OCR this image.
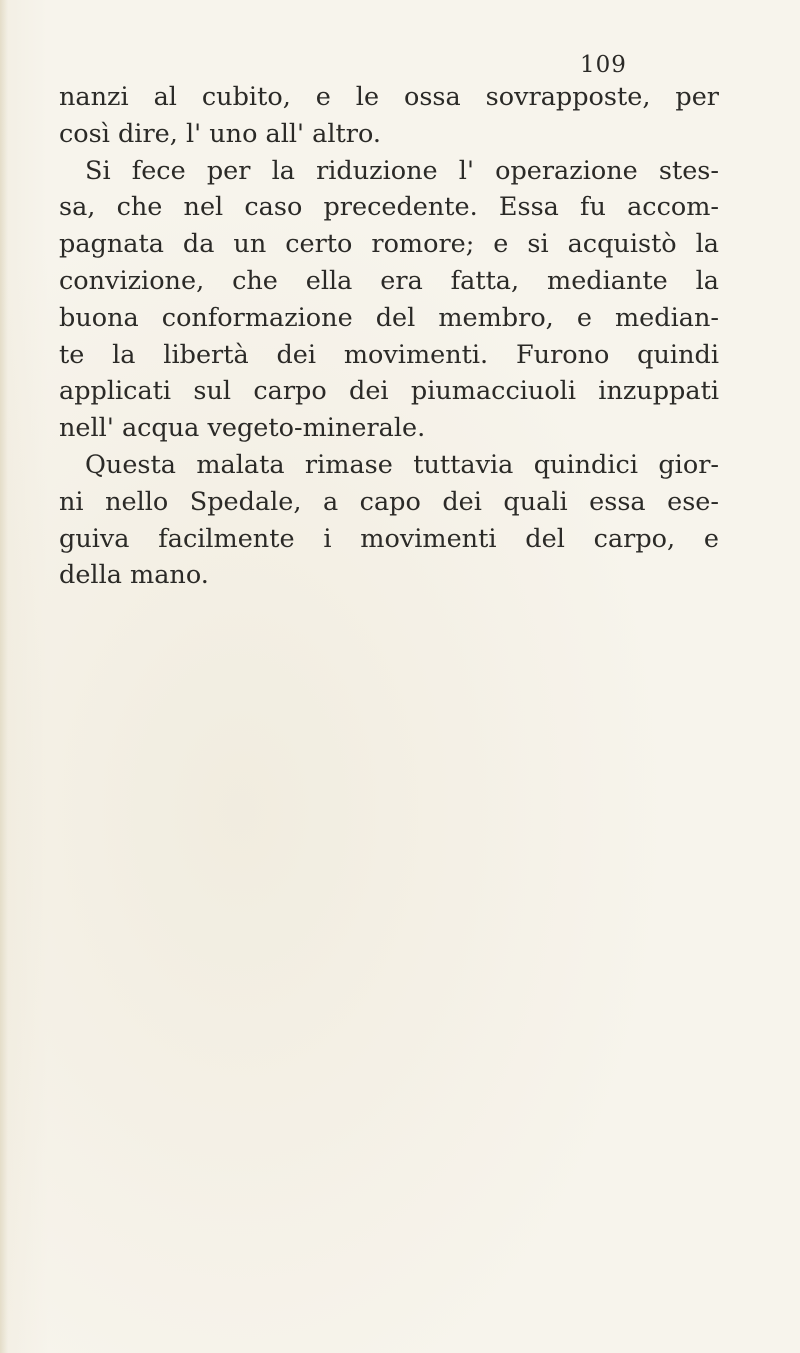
109
nanzi al cubito, e le ossa sovrapposte, per
così dire, l' uno all' altro.
Si fece per la riduzione l' operazione stes-
sa, che nel caso precedente. Essa fu accom-
pagnata da un certo romore; e si acquistò la
convizione, che ella era fatta, mediante la
buona conformazione del membro, e median-
te la libertà dei movimenti. Furono quindi
applicati sul carpo dei piumacciuoli inzuppati
nell' acqua vegeto-minerale.
Questa malata rimase tuttavia quindici gior-
ni nello Spedale, a capo dei quali essa ese-
guiva facilmente i movimenti del carpo, e
della mano.
